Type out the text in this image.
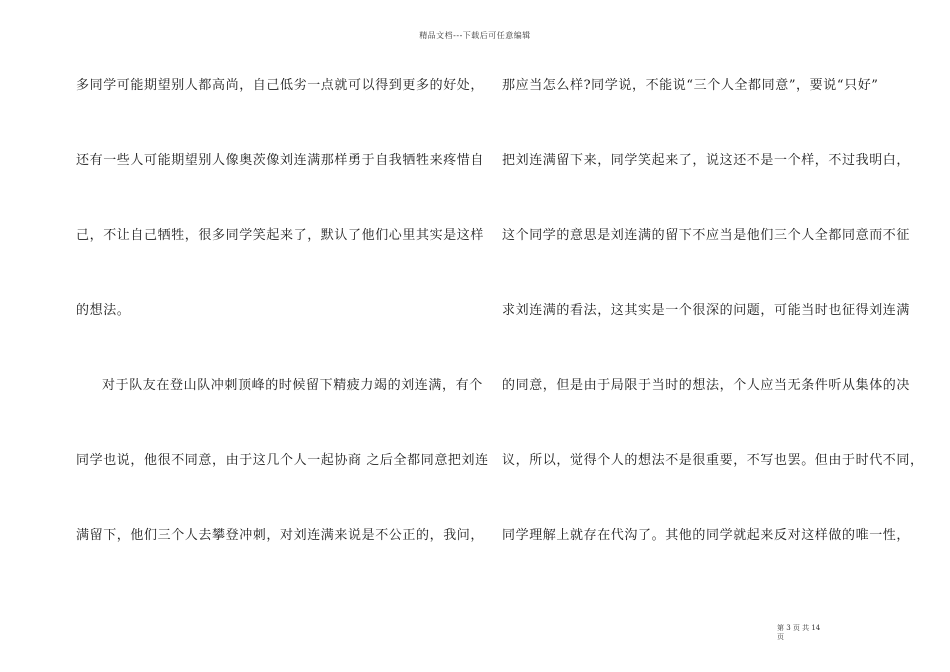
精品文档---下载后可任意编辑
多同学可能期望别人都高尚，自己低劣一点就可以得到更多的好处，
还有一些人可能期望别人像奥茨像刘连满那样勇于自我牺牲来疼惜自
己，不让自己牺牲，很多同学笑起来了，默认了他们心里其实是这样
的想法。
对于队友在登山队冲刺顶峰的时候留下精疲力竭的刘连满，有个
同学也说，他很不同意，由于这几个人一起协商 之后全都同意把刘连
满留下，他们三个人去攀登冲刺，对刘连满来说是不公正的，我问，
那应当怎么样?同学说，不能说“三个人全都同意”，要说“只好”
把刘连满留下来，同学笑起来了，说这还不是一个样，不过我明白，
这个同学的意思是刘连满的留下不应当是他们三个人全都同意而不征
求刘连满的看法，这其实是一个很深的问题，可能当时也征得刘连满
的同意，但是由于局限于当时的想法，个人应当无条件听从集体的决
议，所以，觉得个人的想法不是很重要，不写也罢。但由于时代不同，
同学理解上就存在代沟了。其他的同学就起来反对这样做的唯一性，
第 3 页 共 14
页
